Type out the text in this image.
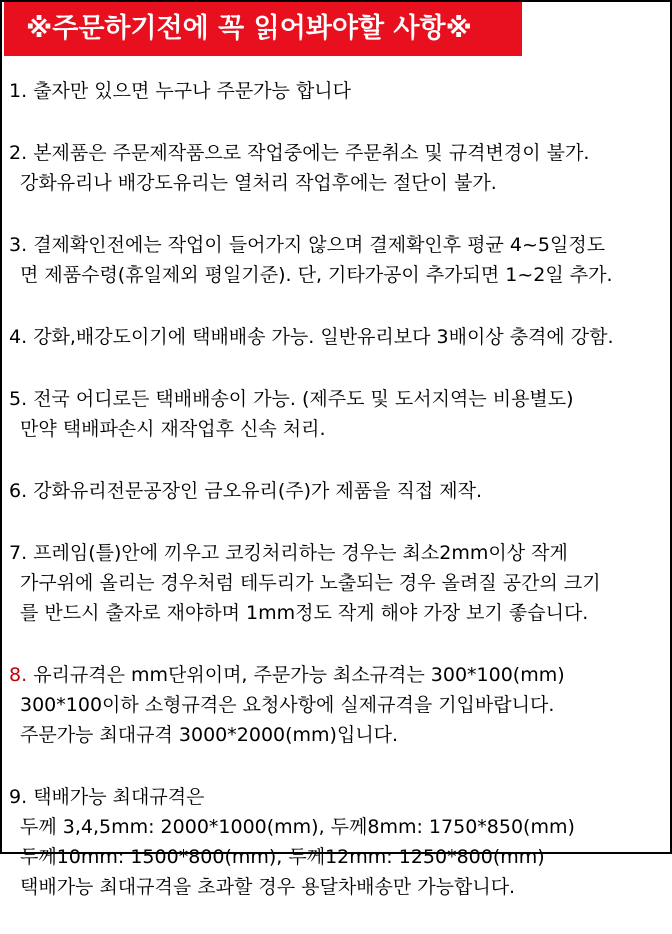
※주문하기전에 꼭 읽어봐야할 사항※
1. 출자만 있으면 누구나 주문가능 합니다
2. 본제품은 주문제작품으로 작업중에는 주문취소 및 규격변경이 불가.
강화유리나 배강도유리는 열처리 작업후에는 절단이 불가.
3. 결제확인전에는 작업이 들어가지 않으며 결제확인후 평균 4~5일정도
면 제품수령(휴일제외 평일기준). 단, 기타가공이 추가되면 1~2일 추가.
4. 강화,배강도이기에 택배배송 가능. 일반유리보다 3배이상 충격에 강함.
5. 전국 어디로든 택배배송이 가능. (제주도 및 도서지역는 비용별도)
만약 택배파손시 재작업후 신속 처리.
6. 강화유리전문공장인 금오유리(주)가 제품을 직접 제작.
7. 프레임(틀)안에 끼우고 코킹처리하는 경우는 최소2mm이상 작게
가구위에 올리는 경우처럼 테두리가 노출되는 경우 올려질 공간의 크기
를 반드시 출자로 재야하며 1mm정도 작게 해야 가장 보기 좋습니다.
8. 유리규격은 mm단위이며, 주문가능 최소규격는 300*100(mm)
300*100이하 소형규격은 요청사항에 실제규격을 기입바랍니다.
주문가능 최대규격 3000*2000(mm)입니다.
9. 택배가능 최대규격은
두께 3,4,5mm: 2000*1000(mm), 두께8mm: 1750*850(mm)
두께10mm: 1500*800(mm), 두께12mm: 1250*800(mm)
택배가능 최대규격을 초과할 경우 용달차배송만 가능합니다.
